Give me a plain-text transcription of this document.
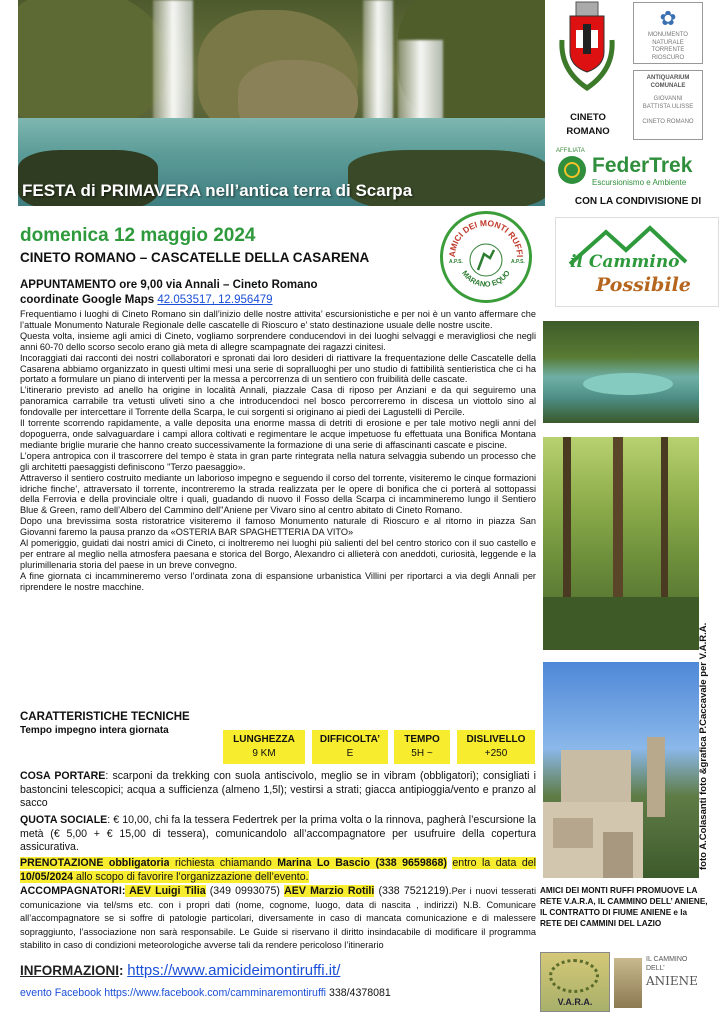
FESTA di PRIMAVERA nell’antica terra di Scarpa
✿
MONUMENTO NATURALE TORRENTE RIOSCURO
ANTIQUARIUM COMUNALE
GIOVANNI BATTISTA ULISSE
CINETO ROMANO
CINETO
ROMANO
AFFILIATA
FederTrek
Escursionismo e Ambiente
CON LA CONDIVISIONE DI
il Cammino
Possibile
domenica 12 maggio 2024
CINETO ROMANO – CASCATELLE DELLA CASARENA	AMICI DEI MONTI RUFFI
MARANO EQUO
A.P.S.	A.P.S.
APPUNTAMENTO ore 9,00 via Annali – Cineto Romano
coordinate Google Maps 42.053517, 12.956479

Frequentiamo i luoghi di Cineto Romano sin dall’inizio delle nostre attivita’ escursionistiche e per noi è un vanto affermare che l’attuale Monumento Naturale Regionale delle cascatelle di Rioscuro e’ stato destinazione usuale delle nostre uscite.

Questa volta, insieme agli amici di Cineto, vogliamo sorprendere conducendovi in dei luoghi selvaggi e meravigliosi che negli anni 60-70 dello scorso secolo erano già meta di allegre scampagnate dei ragazzi cinitesi.

Incoraggiati dai racconti dei nostri collaboratori e spronati dai loro desideri di riattivare la frequentazione delle Cascatelle della Casarena abbiamo organizzato in questi ultimi mesi una serie di sopralluoghi per uno studio di fattibilità sentieristica che ci ha portato a formulare un piano di interventi per la messa a percorrenza di un sentiero con fruibilità delle cascate.

L’itinerario previsto ad anello ha origine in località Annali, piazzale Casa di riposo per Anziani e da qui seguiremo una panoramica carrabile tra vetusti uliveti sino a che introducendoci nel bosco percorreremo in discesa un viottolo sino al fondovalle per intercettare il Torrente della Scarpa, le cui sorgenti si originano ai piedi dei Lagustelli di Percile.

Il torrente scorrendo rapidamente, a valle deposita una enorme massa di detriti di erosione e per tale motivo negli anni del dopoguerra, onde salvaguardare i campi allora coltivati e regimentare le acque impetuose fu effettuata una Bonifica Montana mediante briglie murarie che hanno creato successivamente la formazione di una serie di affascinanti cascate e piscine.

L’opera antropica con il trascorrere del tempo è stata in gran parte rintegrata nella natura selvaggia subendo un processo che gli architetti paesaggisti definiscono "Terzo paesaggio».

Attraverso il sentiero costruito mediante un laborioso impegno e seguendo il corso del torrente, visiteremo le cinque formazioni idriche finche’, attraversato il torrente, incontreremo la strada realizzata per le opere di bonifica che ci porterà al sottopassi della Ferrovia e della provinciale oltre i quali, guadando di nuovo il Fosso della Scarpa ci incammineremo lungo il Sentiero Blue & Green, ramo dell’Albero del Cammino dell"Aniene per Vivaro sino al centro abitato di Cineto Romano.

Dopo una brevissima sosta ristoratrice visiteremo il famoso Monumento naturale di Rioscuro e al ritorno in piazza San Giovanni faremo la pausa pranzo da «OSTERIA BAR SPAGHETTERIA DA VITO»

Al pomeriggio, guidati dai nostri amici di Cineto, ci inoltreremo nei luoghi più salienti del bel centro storico con il suo castello e per entrare al meglio nella atmosfera paesana e storica del Borgo, Alexandro ci allieterà con aneddoti, curiosità, leggende e la plurimillenaria storia del paese in un breve convegno.

A fine giornata ci incammineremo verso l’ordinata zona di espansione urbanistica Villini per riportarci a via degli Annali per riprendere le nostre macchine.

CARATTERISTICHE TECNICHE
Tempo impegno intera giornata
LUNGHEZZA
9 KM
DIFFICOLTA’
E
TEMPO
5H ~
DISLIVELLO
+250
COSA PORTARE: scarponi da trekking con suola antiscivolo, meglio se in vibram (obbligatori); consigliati i bastoncini telescopici; acqua a sufficienza (almeno 1,5l); vestirsi a strati; giacca antipioggia/vento e pranzo al sacco
QUOTA SOCIALE: € 10,00, chi fa la tessera Federtrek per la prima volta o la rinnova, pagherà l’escursione la metà (€ 5,00 + € 15,00 di tessera), comunicandolo all’accompagnatore per usufruire della copertura assicurativa.
PRENOTAZIONE obbligatoria richiesta chiamando Marina Lo Bascio (338 9659868) entro la data del 10/05/2024 allo scopo di favorire l’organizzazione dell’evento.
ACCOMPAGNATORI: AEV Luigi Tilia (349 0993075) AEV Marzio Rotili (338 7521219).Per i nuovi tesserati comunicazione via tel/sms etc. con i propri dati (nome, cognome, luogo, data di nascita , indirizzi) N.B. Comunicare all’accompagnatore se si soffre di patologie particolari, diversamente in caso di mancata comunicazione e di malessere sopraggiunto, l’associazione non sarà responsabile. Le Guide si riservano il diritto insindacabile di modificare il programma stabilito in caso di condizioni meteorologiche avverse tali da rendere pericoloso l’itinerario
INFORMAZIONI: https://www.amicideimontiruffi.it/
evento Facebook https://www.facebook.com/camminaremontiruffi 338/4378081
foto A.Colasanti foto &grafica P.Caccavale per V.A.R.A.
AMICI DEI MONTI RUFFI PROMUOVE LA RETE V.A.R.A, IL CAMMINO DELL’ ANIENE, IL CONTRATTO DI FIUME ANIENE e la RETE DEI CAMMINI DEL LAZIO
V.A.R.A.
IL CAMMINO
DELL’
ANIENE
